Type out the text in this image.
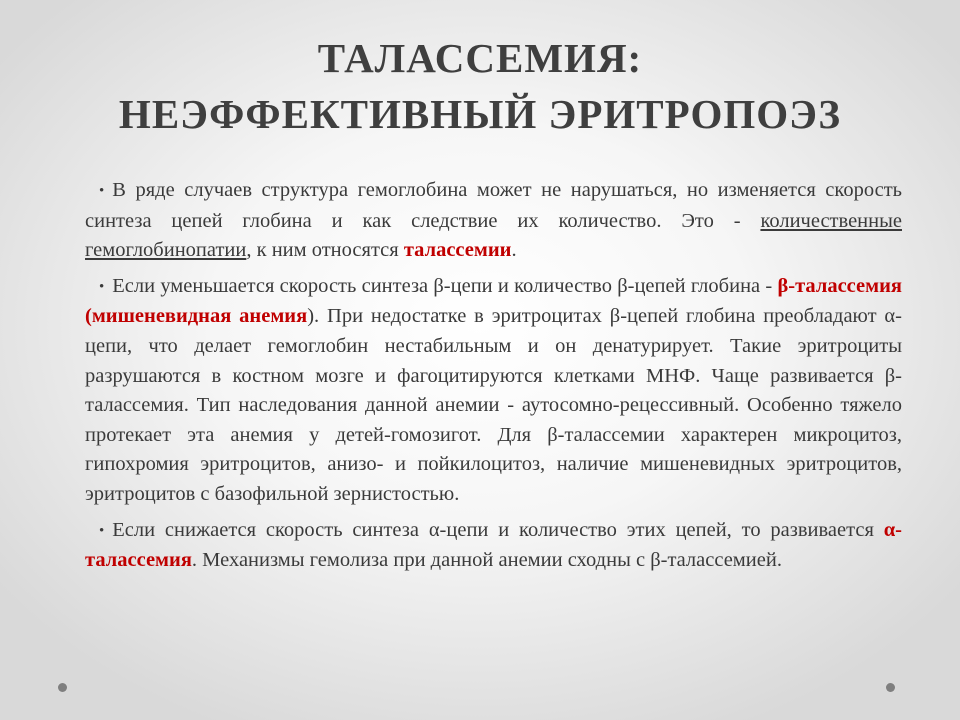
ТАЛАССЕМИЯ:
НЕЭФФЕКТИВНЫЙ ЭРИТРОПОЭЗ

• В ряде случаев структура гемоглобина может не нарушаться, но изменяется скорость синтеза цепей глобина и как следствие их количество. Это - количественные гемоглобинопатии, к ним относятся талассемии.

• Если уменьшается скорость синтеза β-цепи и количество β-цепей глобина - β-талассемия (мишеневидная анемия). При недостатке в эритроцитах β-цепей глобина преобладают α-цепи, что делает гемоглобин нестабильным и он денатурирует. Такие эритроциты разрушаются в костном мозге и фагоцитируются клетками МНФ. Чаще развивается β-талассемия. Тип наследования данной анемии - аутосомно-рецессивный. Особенно тяжело протекает эта анемия у детей-гомозигот. Для β-талассемии характерен микроцитоз, гипохромия эритроцитов, анизо- и пойкилоцитоз, наличие мишеневидных эритроцитов, эритроцитов с базофильной зернистостью.

• Если снижается скорость синтеза α-цепи и количество этих цепей, то развивается α-талассемия. Механизмы гемолиза при данной анемии сходны с β-талассемией.
